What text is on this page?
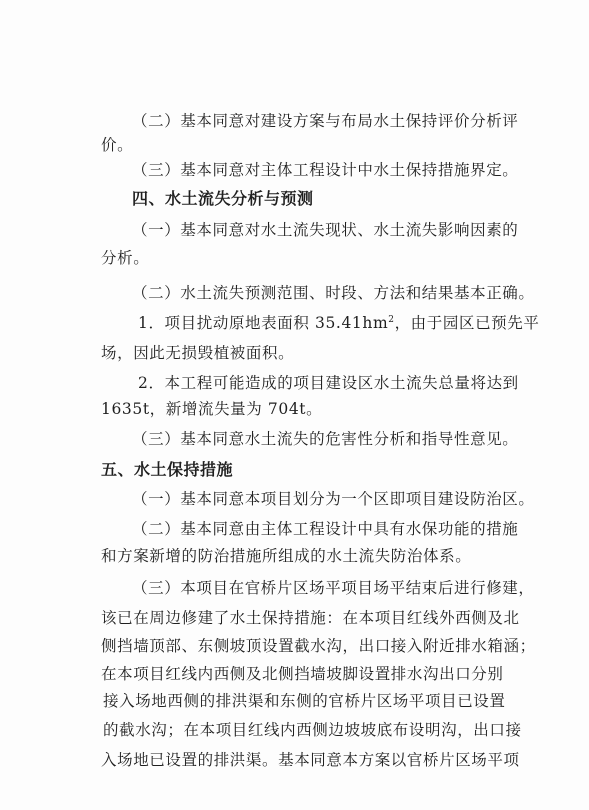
（二）基本同意对建设方案与布局水土保持评价分析评
价。
（三）基本同意对主体工程设计中水土保持措施界定。
四、水土流失分析与预测
（一）基本同意对水土流失现状、水土流失影响因素的
分析。
（二）水土流失预测范围、时段、方法和结果基本正确。
1．项目扰动原地表面积 $35.41hm^2$，由于园区已预先平
场，因此无损毁植被面积。
2．本工程可能造成的项目建设区水土流失总量将达到
1635t，新增流失量为 704t。
（三）基本同意水土流失的危害性分析和指导性意见。
五、水土保持措施
（一）基本同意本项目划分为一个区即项目建设防治区。
（二）基本同意由主体工程设计中具有水保功能的措施
和方案新增的防治措施所组成的水土流失防治体系。
（三）本项目在官桥片区场平项目场平结束后进行修建，
该已在周边修建了水土保持措施：在本项目红线外西侧及北
侧挡墙顶部、东侧坡顶设置截水沟，出口接入附近排水箱涵；
在本项目红线内西侧及北侧挡墙坡脚设置排水沟出口分别
接入场地西侧的排洪渠和东侧的官桥片区场平项目已设置
的截水沟；在本项目红线内西侧边坡坡底布设明沟，出口接
入场地已设置的排洪渠。基本同意本方案以官桥片区场平项
